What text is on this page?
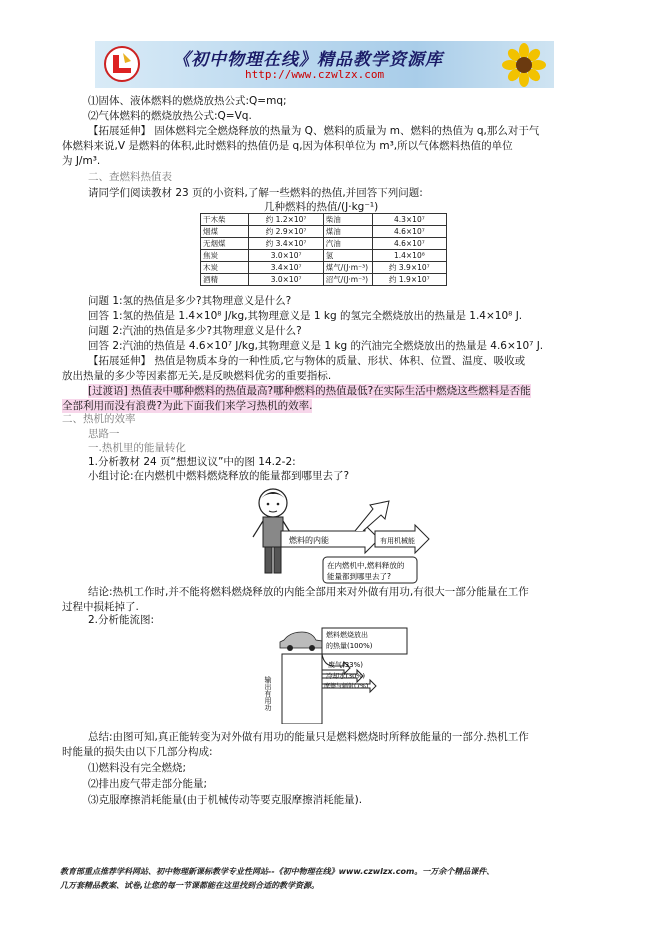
《初中物理在线》精品教学资源库
http://www.czwlzx.com
⑴固体、液体燃料的燃烧放热公式:Q=mq;
⑵气体燃料的燃烧放热公式:Q=Vq.
【拓展延伸】 固体燃料完全燃烧释放的热量为 Q、燃料的质量为 m、燃料的热值为 q,那么对于气
体燃料来说,V 是燃料的体积,此时燃料的热值仍是 q,因为体积单位为 m³,所以气体燃料热值的单位
为 J/m³.
二、查燃料热值表
请同学们阅读教材 23 页的小资料,了解一些燃料的热值,并回答下列问题:
几种燃料的热值/(J·kg⁻¹)
干木柴	约 1.2×10⁷	柴油	4.3×10⁷
烟煤	约 2.9×10⁷	煤油	4.6×10⁷
无烟煤	约 3.4×10⁷	汽油	4.6×10⁷
焦炭	3.0×10⁷	氢	1.4×10⁸
木炭	3.4×10⁷	煤气/(J·m⁻³)	约 3.9×10⁷
酒精	3.0×10⁷	沼气/(J·m⁻³)	约 1.9×10⁷
问题 1:氢的热值是多少?其物理意义是什么?
回答 1:氢的热值是 1.4×10⁸ J/kg,其物理意义是 1 kg 的氢完全燃烧放出的热量是 1.4×10⁸ J.
问题 2:汽油的热值是多少?其物理意义是什么?
回答 2:汽油的热值是 4.6×10⁷ J/kg,其物理意义是 1 kg 的汽油完全燃烧放出的热量是 4.6×10⁷ J.
【拓展延伸】 热值是物质本身的一种性质,它与物体的质量、形状、体积、位置、温度、吸收或
放出热量的多少等因素都无关,是反映燃料优劣的重要指标.
[过渡语] 热值表中哪种燃料的热值最高?哪种燃料的热值最低?在实际生活中燃烧这些燃料是否能
全部利用而没有浪费?为此下面我们来学习热机的效率.
二、热机的效率
思路一
一.热机里的能量转化
1.分析教材 24 页“想想议议”中的图 14.2-2:
小组讨论:在内燃机中燃料燃烧释放的能量都到哪里去了?
燃料的内能	有用机械能
在内燃机中,燃料释放的
能量都到哪里去了?
结论:热机工作时,并不能将燃料燃烧释放的内能全部用来对外做有用功,有很大一部分能量在工作
过程中损耗掉了.
2.分析能流图:
燃料燃烧放出
的热量(100%)
废气(33%)
冷却水(30%)
摩擦与辐射(7%)
输出有用功
总结:由图可知,真正能转变为对外做有用功的能量只是燃料燃烧时所释放能量的一部分.热机工作
时能量的损失由以下几部分构成:
⑴燃料没有完全燃烧;
⑵排出废气带走部分能量;
⑶克服摩擦消耗能量(由于机械传动等要克服摩擦消耗能量).
教育部重点推荐学科网站、初中物理新课标教学专业性网站--《初中物理在线》www.czwlzx.com。一万余个精品课件、
几万套精品教案、试卷,让您的每一节课都能在这里找到合适的教学资源。
